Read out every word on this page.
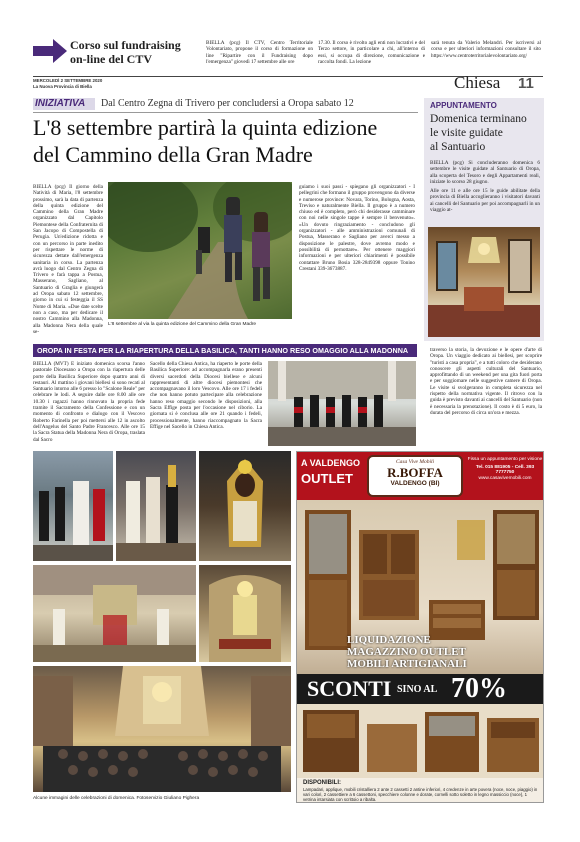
Corso sul fundraising
on-line del CTV
BIELLA (pcg) Il CTV, Centro Territoriale Volontariato, propone il corso di formazione on line "Ripartire con il Fundraising dopo l'emergenza" giovedì 17 settembre alle ore
17.30. Il corso è rivolto agli enti non lucrativi e del Terzo settore, in particolare a chi, all'interno di essi, si occupa di direzione, comunicazione e raccolta fondi. La lezione
sarà tenuta da Valerio Melandri. Per iscriversi al corso e per ulteriori informazioni consultare il sito https://www.centroterritorialevolontariato.org/
MERCOLEDÌ 2 SETTEMBRE 2020
La Nuova Provincia di Biella	Chiesa 11
INIZIATIVA Dal Centro Zegna di Trivero per concludersi a Oropa sabato 12
L'8 settembre partirà la quinta edizione
del Cammino della Gran Madre
BIELLA (pcg) Il giorno della Natività di Maria, l'8 settembre prossimo, sarà la data di partenza della quinta edizione del Cammino della Gran Madre organizzato dal Capitolo Piemontese della Confraternita di San Jacopo di Compostella di Perugia. Un'edizione ridotta e con un percorso in parte inedito per rispettare le norme di sicurezza dettate dall'emergenza sanitaria in corso. La partenza avrà luogo dal Centro Zegna di Trivero e farà tappa a Postua, Masserano, Sagliano, al Santuario di Graglia e giungerà ad Oropa sabato 12 settembre, giorno in cui si festeggia il SS Nome di Maria. «Due date scelte non a caso, ma per dedicare il nostro Cammino alla Madonna, alla Madonna Nera della quale se-
L'8 settembre al via la quinta edizione del Cammino della Gran Madre
guiamo i suoi passi - spiegano gli organizzatori - I pellegrini che formano il gruppo provengono da diverse e numerose province: Novara, Torino, Bologna, Aosta, Treviso e naturalmente Biella. Il gruppo è a numero chiuso ed è completo, però chi desiderasse camminare con noi nelle singole tappe è sempre il benvenuto». «Un dovuto ringraziamento - concludono gli organizzatori - alle amministrazioni comunali di Postua, Masserano e Sagliano per averci messo a disposizione le palestre, dove avremo modo e possibilità di pernottare». Per ottenere maggiori informazioni e per ulteriori chiarimenti è possibile contattare Bruno Bosia 328-2849398 oppure Tonino Crestani 339-3673887.
APPUNTAMENTO
Domenica terminano
le visite guidate
al Santuario
BIELLA (pcg) Si concluderanno domenica 6 settembre le visite guidate al Santuario di Oropa, alla scoperta del Tesoro e degli Appartamenti reali, iniziate lo scorso 28 giugno.
Alle ore 11 e alle ore 15 le guide abilitate della provincia di Biella accoglieranno i visitatori davanti ai cancelli del Santuario per poi accompagnarli in un viaggio at-
OROPA IN FESTA PER LA RIAPERTURA DELLA BASILICA, TANTI HANNO RESO OMAGGIO ALLA MADONNA
BIELLA (MVT) E iniziato domenica scorsa l'anno pastorale Diocesano a Oropa con la riapertura delle porte della Basilica Superiore dopo quattro anni di restauri. Al mattino i giovani biellesi si sono recati al Santuario intorno alle 6 presso lo "Scalone Reale" per celebrare le lodi. A seguire dalle ore 8.00 alle ore 10.30 i ragazzi hanno rinnovato la propria fede tramite il Sacramento della Confessione e con un momento di confronto e dialogo con il Vescovo Roberto Farinella per poi mettersi alle 12 in ascolto dell'Angelus del Santo Padre Francesco. Alle ore 15 la Sacra Statua della Madonna Nera di Oropa, traslata dal Sacro
Sacello della Chiesa Antica, ha riaperto le porte della Basilica Superiore: ad accompagnarla erano presenti diversi sacerdoti della Diocesi biellese e alcuni rappresentanti di altre diocesi piemontesi che accompagnavano il loro Vescovo. Alle ore 17 i fedeli che non hanno potuto partecipare alla celebrazione hanno reso omaggio secondo le disposizioni, alla Sacra Effige posta per l'occasione nel ciborio. La giornata si è conclusa alle ore 21 quando i fedeli, processionalmente, hanno riaccompagnato la Sacra Effige nel Sacello in Chiesa Antica.
traverso la storia, la devozione e le opere d'arte di Oropa. Un viaggio dedicato ai biellesi, per scoprire "turisti a casa propria", e a tutti coloro che desiderano conoscere gli aspetti culturali del Santuario, approfittando di un weekend per una gita fuori porta e per soggiornare nelle suggestive camere di Oropa. Le visite si svolgeranno in completa sicurezza nel rispetto della normativa vigente. Il ritrovo con la guida è previsto davanti ai cancelli del Santuario (non è necessaria la prenotazione). Il costo è di 5 euro, la durata del percorso di circa un'ora e mezza.
Alcune immagini delle celebrazioni di domenica. Fotoservizio Giuliano Pighera
A VALDENGO
OUTLET
Casa Vive Mobili
R.BOFFA
VALDENGO (BI)
Fissa un appuntamento per visione
Tel. 015 881905 - Cell. 393 7777750
www.casavivemobili.com
LIQUIDAZIONE
MAGAZZINO OUTLET
MOBILI ARTIGIANALI
SCONTI SINO AL 70%
DISPONIBILI:
Lampadari, applique, mobili cristalliera 2 ante 2 cassetti 2 antine inferiori, 4 credenze in arte povera (noce, noce, piaggio) in vari colori, 2 cassettiere a 6 cassettoni, specchiere colonne e dorate, cornelli sotto soletto in legno massiccio (noce), 1 vetrina intarsiata con scrittoio a ribalta.
